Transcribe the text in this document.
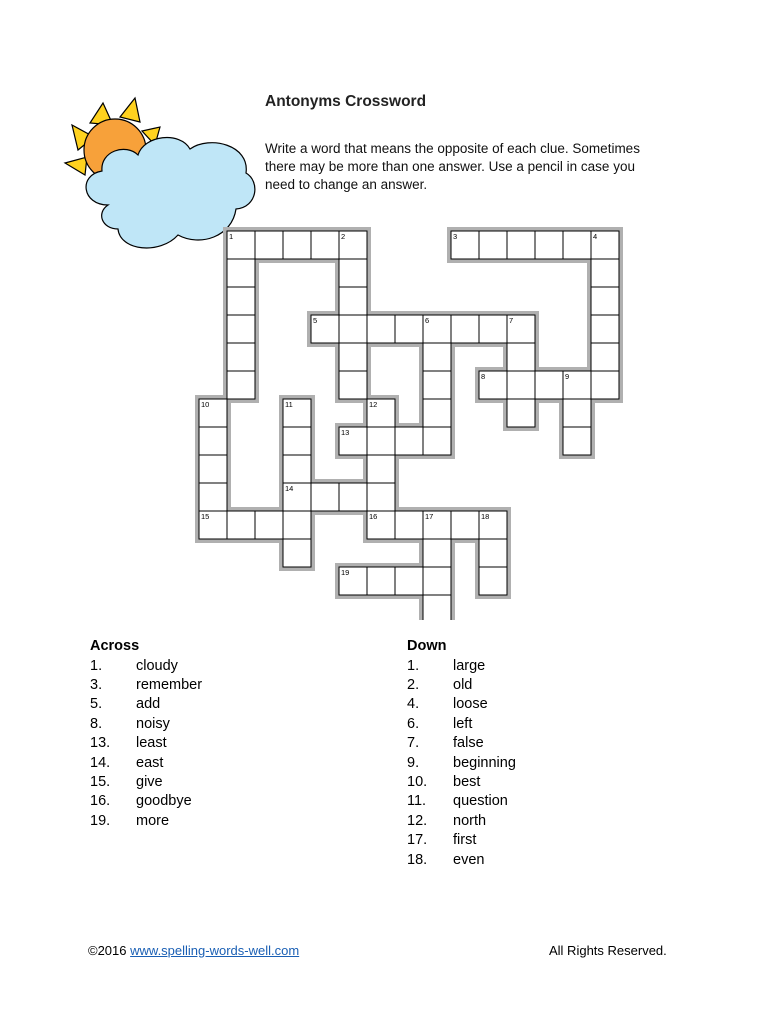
Antonyms Crossword
Write a word that means the opposite of each clue. Sometimes there may be more than one answer. Use a pencil in case you need to change an answer.
1	2	3	4
5	6	7
8	9
10	11	12
13
14
15	16	17	18
19
Across
1.	cloudy
3.	remember
5.	add
8.	noisy
13.	least
14.	east
15.	give
16.	goodbye
19.	more
Down
1.	large
2.	old
4.	loose
6.	left
7.	false
9.	beginning
10.	best
11.	question
12.	north
17.	first
18.	even
©2016 www.spelling-words-well.com	All Rights Reserved.
